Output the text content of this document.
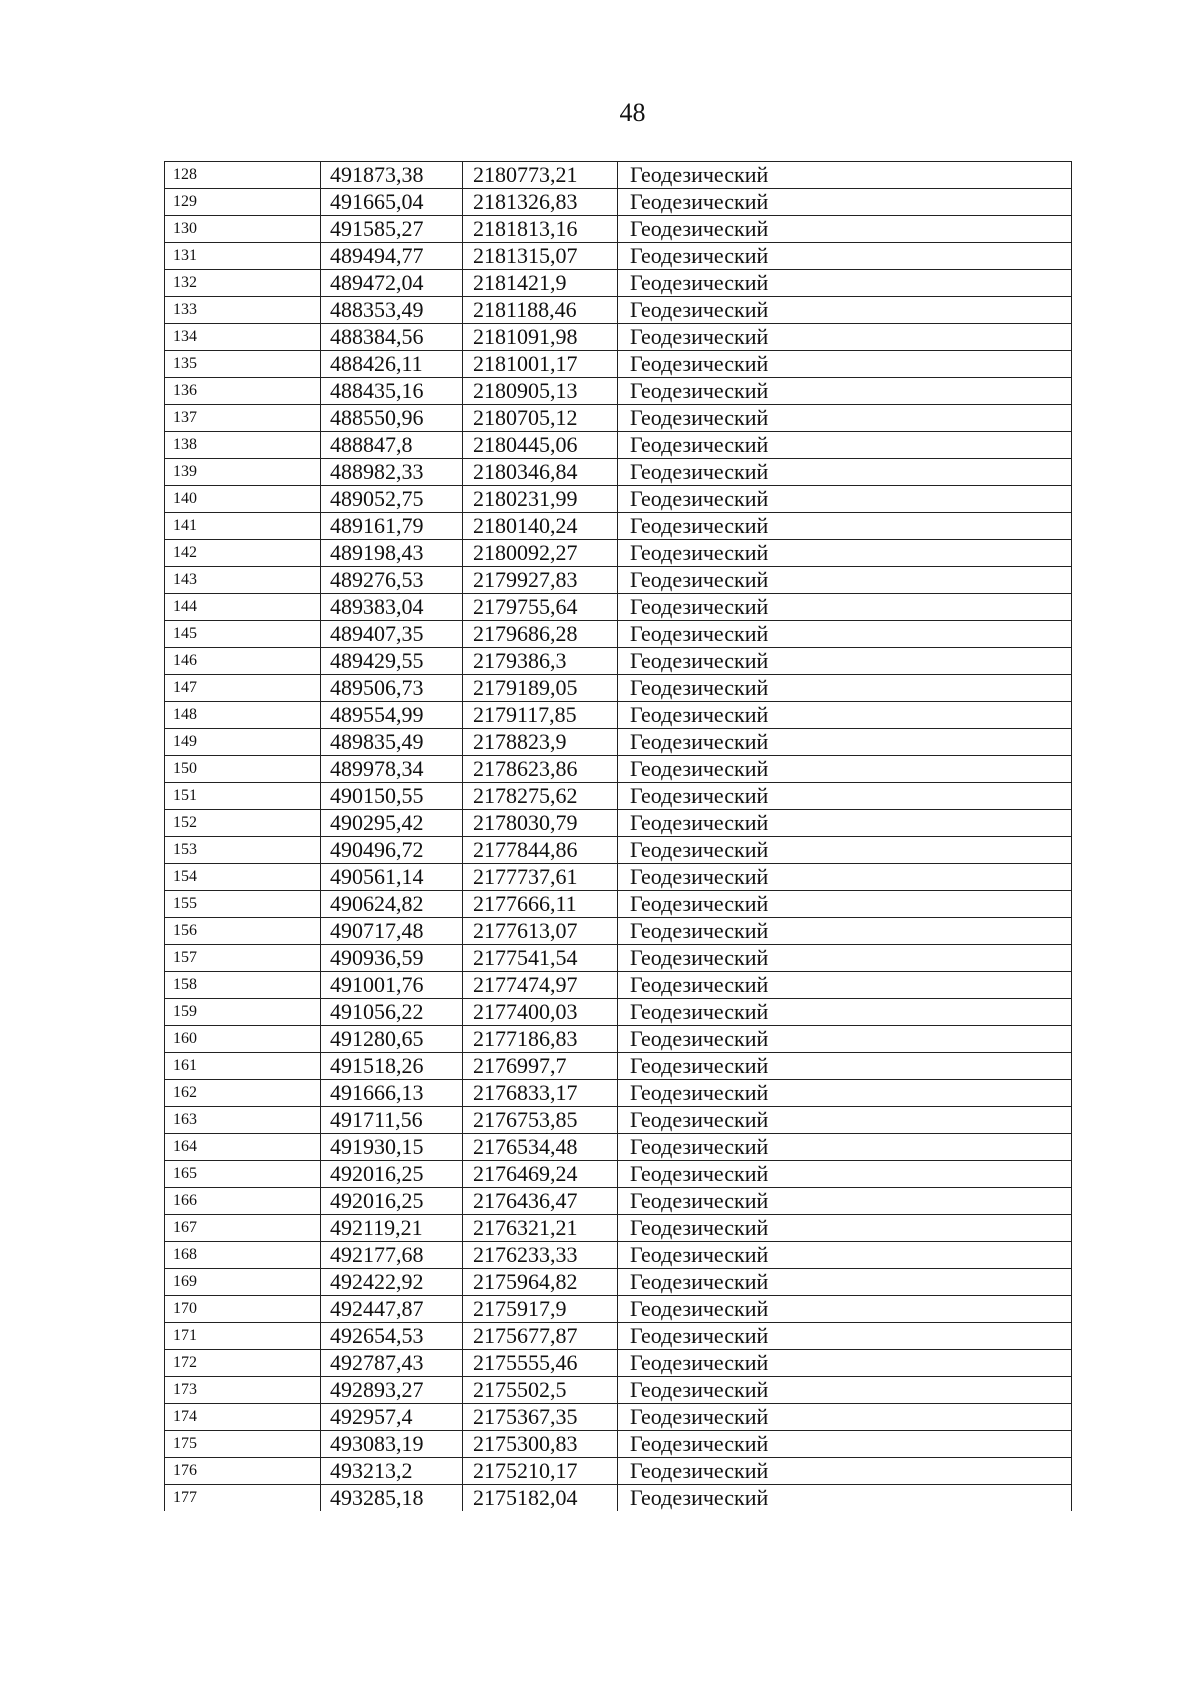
48
128	491873,38	2180773,21	Геодезический
129	491665,04	2181326,83	Геодезический
130	491585,27	2181813,16	Геодезический
131	489494,77	2181315,07	Геодезический
132	489472,04	2181421,9	Геодезический
133	488353,49	2181188,46	Геодезический
134	488384,56	2181091,98	Геодезический
135	488426,11	2181001,17	Геодезический
136	488435,16	2180905,13	Геодезический
137	488550,96	2180705,12	Геодезический
138	488847,8	2180445,06	Геодезический
139	488982,33	2180346,84	Геодезический
140	489052,75	2180231,99	Геодезический
141	489161,79	2180140,24	Геодезический
142	489198,43	2180092,27	Геодезический
143	489276,53	2179927,83	Геодезический
144	489383,04	2179755,64	Геодезический
145	489407,35	2179686,28	Геодезический
146	489429,55	2179386,3	Геодезический
147	489506,73	2179189,05	Геодезический
148	489554,99	2179117,85	Геодезический
149	489835,49	2178823,9	Геодезический
150	489978,34	2178623,86	Геодезический
151	490150,55	2178275,62	Геодезический
152	490295,42	2178030,79	Геодезический
153	490496,72	2177844,86	Геодезический
154	490561,14	2177737,61	Геодезический
155	490624,82	2177666,11	Геодезический
156	490717,48	2177613,07	Геодезический
157	490936,59	2177541,54	Геодезический
158	491001,76	2177474,97	Геодезический
159	491056,22	2177400,03	Геодезический
160	491280,65	2177186,83	Геодезический
161	491518,26	2176997,7	Геодезический
162	491666,13	2176833,17	Геодезический
163	491711,56	2176753,85	Геодезический
164	491930,15	2176534,48	Геодезический
165	492016,25	2176469,24	Геодезический
166	492016,25	2176436,47	Геодезический
167	492119,21	2176321,21	Геодезический
168	492177,68	2176233,33	Геодезический
169	492422,92	2175964,82	Геодезический
170	492447,87	2175917,9	Геодезический
171	492654,53	2175677,87	Геодезический
172	492787,43	2175555,46	Геодезический
173	492893,27	2175502,5	Геодезический
174	492957,4	2175367,35	Геодезический
175	493083,19	2175300,83	Геодезический
176	493213,2	2175210,17	Геодезический
177	493285,18	2175182,04	Геодезический
